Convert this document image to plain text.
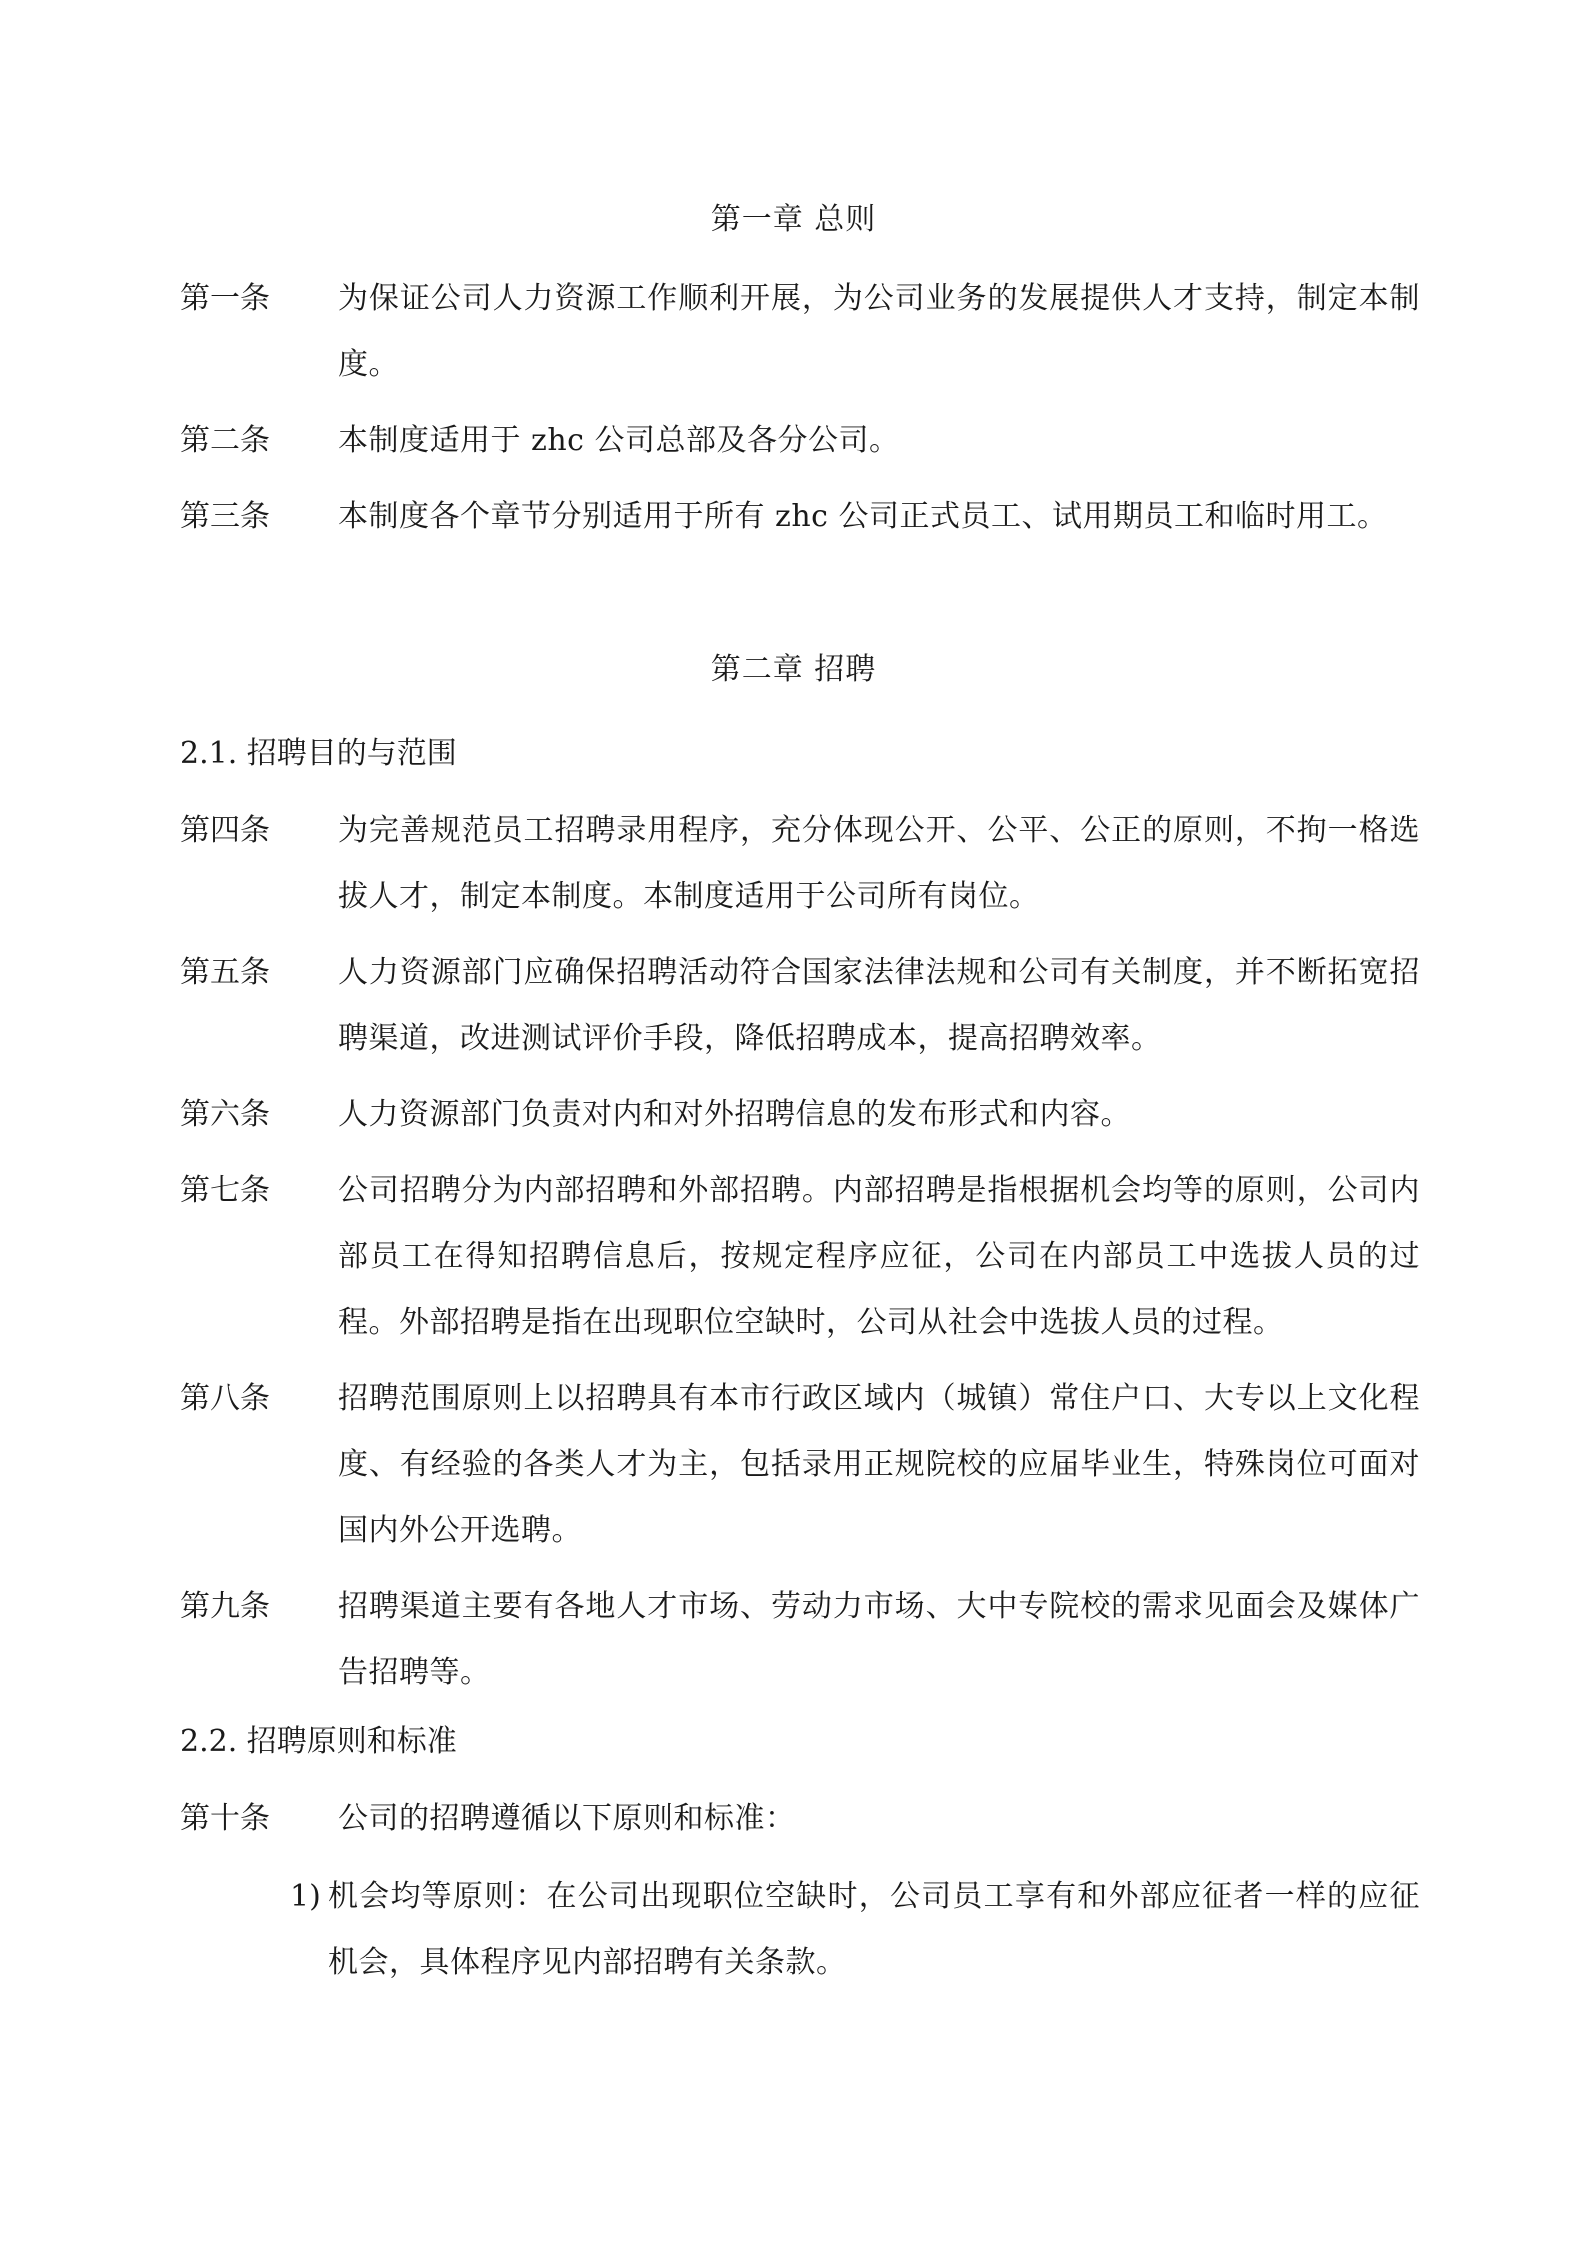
第一章 总则
第一条 为保证公司人力资源工作顺利开展，为公司业务的发展提供人才支持，制定本制度。
第二条 本制度适用于 zhc 公司总部及各分公司。
第三条 本制度各个章节分别适用于所有 zhc 公司正式员工、试用期员工和临时用工。
第二章 招聘
2.1. 招聘目的与范围
第四条 为完善规范员工招聘录用程序，充分体现公开、公平、公正的原则，不拘一格选拔人才，制定本制度。本制度适用于公司所有岗位。
第五条 人力资源部门应确保招聘活动符合国家法律法规和公司有关制度，并不断拓宽招聘渠道，改进测试评价手段，降低招聘成本，提高招聘效率。
第六条 人力资源部门负责对内和对外招聘信息的发布形式和内容。
第七条 公司招聘分为内部招聘和外部招聘。内部招聘是指根据机会均等的原则，公司内部员工在得知招聘信息后，按规定程序应征，公司在内部员工中选拔人员的过程。外部招聘是指在出现职位空缺时，公司从社会中选拔人员的过程。
第八条 招聘范围原则上以招聘具有本市行政区域内（城镇）常住户口、大专以上文化程度、有经验的各类人才为主，包括录用正规院校的应届毕业生，特殊岗位可面对国内外公开选聘。
第九条 招聘渠道主要有各地人才市场、劳动力市场、大中专院校的需求见面会及媒体广告招聘等。
2.2. 招聘原则和标准
第十条 公司的招聘遵循以下原则和标准：
1) 机会均等原则：在公司出现职位空缺时，公司员工享有和外部应征者一样的应征机会，具体程序见内部招聘有关条款。
